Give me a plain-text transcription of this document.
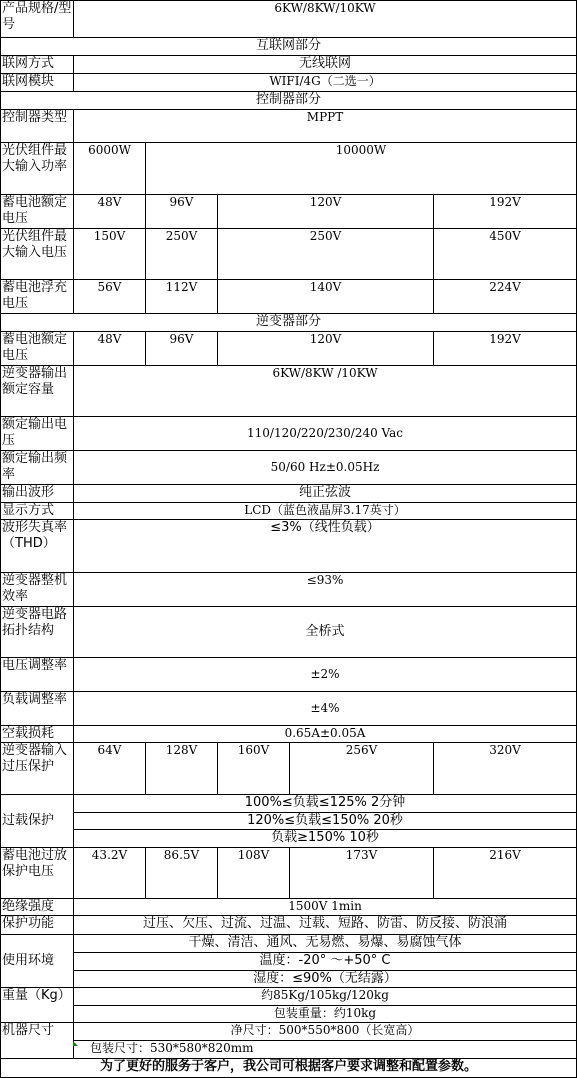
产品规格/型号	6KW/8KW/10KW					
互联网部分						
联网方式	无线联网					
联网模块	WIFI/4G（二选一）					
控制器部分						
控制器类型	MPPT					
光伏组件最大输入功率	6000W	10000W				
蓄电池额定电压	48V	96V	120V		192V	
光伏组件最大输入电压	150V	250V	250V		450V	
蓄电池浮充电压	56V	112V	140V		224V	
逆变器部分						
蓄电池额定电压	48V	96V	120V		192V	
逆变器输出额定容量	6KW/8KW /10KW					
额定输出电压	110/120/220/230/240 Vac					
额定输出频率	50/60 Hz±0.05Hz					
输出波形	纯正弦波					
显示方式	LCD（蓝色液晶屏3.17英寸）					
波形失真率（THD）	≤3%（线性负载）					
逆变器整机效率	≤93%					
逆变器电路拓扑结构	全桥式					
电压调整率	±2%					
负载调整率	±4%					
空载损耗	0.65A±0.05A					
逆变器输入过压保护	64V	128V	160V	256V	320V	
过载保护	100%≤负载≤125% 2分钟					
	120%≤负载≤150% 20秒					
	负载≥150% 10秒					
蓄电池过放保护电压	43.2V	86.5V	108V	173V	216V	
绝缘强度	1500V 1min					
保护功能	过压、欠压、过流、过温、过载、短路、防雷、防反接、防浪涌					
使用环境	干燥、清洁、通风、无易燃、易爆、易腐蚀气体					
	温度：-20° ～+50° C					
	湿度：≤90%（无结露）					
重量（Kg）	约85Kg/105kg/120kg					
	包装重量：约10kg					
机器尺寸	净尺寸：500*550*800（长宽高）					
	包装尺寸：530*580*820mm					
为了更好的服务于客户，我公司可根据客户要求调整和配置参数。						
